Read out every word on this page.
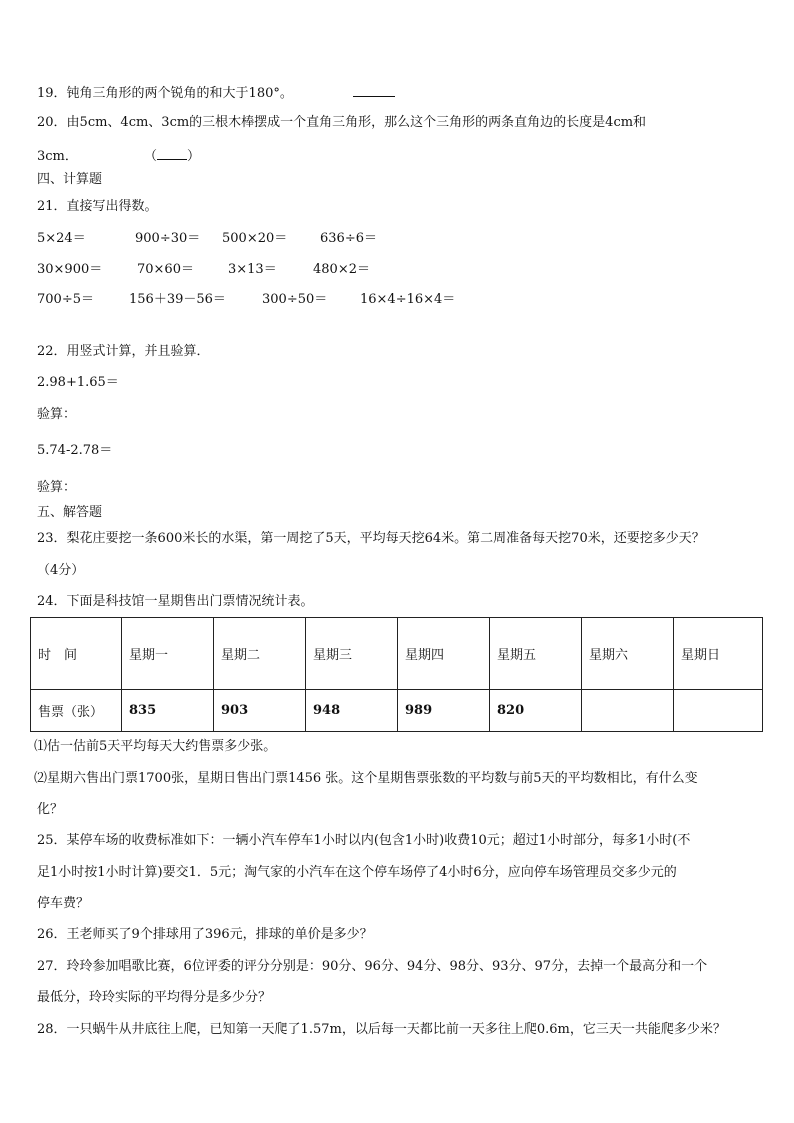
19．钝角三角形的两个锐角的和大于180°。
20．由5cm、4cm、3cm的三根木棒摆成一个直角三角形，那么这个三角形的两条直角边的长度是4cm和
3cm．	（ ）
四、计算题
21．直接写出得数。
5×24＝	900÷30＝ 500×20＝	636÷6＝
30×900＝	70×60＝	3×13＝	480×2＝
700÷5＝	156＋39－56＝	300÷50＝	16×4÷16×4＝
22．用竖式计算，并且验算．
2.98+1.65＝
验算：
5.74-2.78＝
验算：
五、解答题
23．梨花庄要挖一条600米长的水渠，第一周挖了5天，平均每天挖64米。第二周准备每天挖70米，还要挖多少天？
（4分）
24．下面是科技馆一星期售出门票情况统计表。
时　间	星期一	星期二	星期三	星期四	星期五	星期六	星期日
售票（张）	835	903	948	989	820		
⑴估一估前5天平均每天大约售票多少张。
⑵星期六售出门票1700张，星期日售出门票1456 张。这个星期售票张数的平均数与前5天的平均数相比，有什么变
化？
25．某停车场的收费标准如下：一辆小汽车停车1小时以内(包含1小时)收费10元；超过1小时部分，每多1小时(不
足1小时按1小时计算)要交1．5元；淘气家的小汽车在这个停车场停了4小时6分，应向停车场管理员交多少元的
停车费？
26．王老师买了9个排球用了396元，排球的单价是多少？
27．玲玲参加唱歌比赛，6位评委的评分分别是：90分、96分、94分、98分、93分、97分，去掉一个最高分和一个
最低分，玲玲实际的平均得分是多少分？
28．一只蜗牛从井底往上爬，已知第一天爬了1.57m，以后每一天都比前一天多往上爬0.6m，它三天一共能爬多少米？
